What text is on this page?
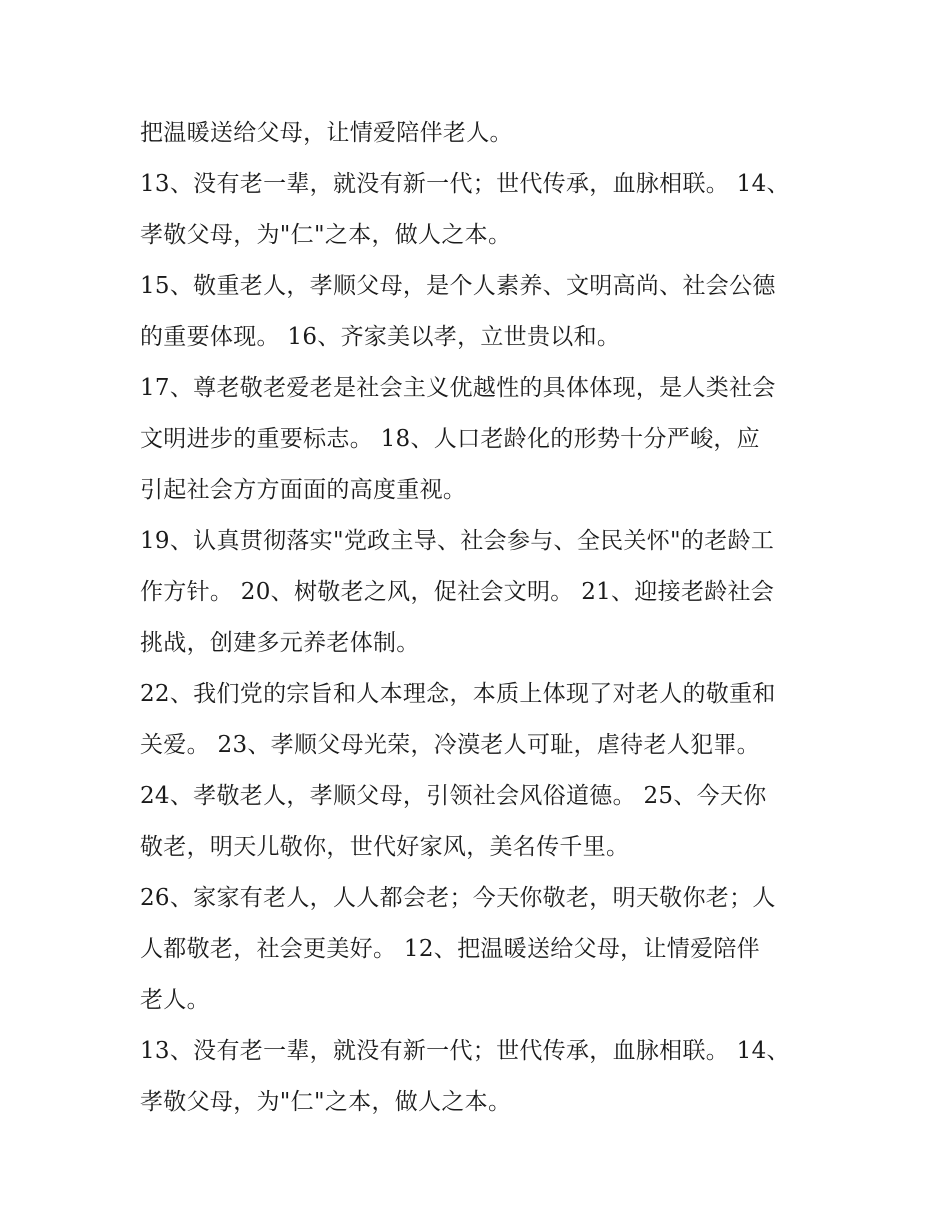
把温暖送给父母，让情爱陪伴老人。
13、没有老一辈，就没有新一代；世代传承，血脉相联。 14、
孝敬父母，为"仁"之本，做人之本。
15、敬重老人，孝顺父母，是个人素养、文明高尚、社会公德
的重要体现。 16、齐家美以孝，立世贵以和。
17、尊老敬老爱老是社会主义优越性的具体体现，是人类社会
文明进步的重要标志。 18、人口老龄化的形势十分严峻，应
引起社会方方面面的高度重视。
19、认真贯彻落实"党政主导、社会参与、全民关怀"的老龄工
作方针。 20、树敬老之风，促社会文明。 21、迎接老龄社会
挑战，创建多元养老体制。
22、我们党的宗旨和人本理念，本质上体现了对老人的敬重和
关爱。 23、孝顺父母光荣，冷漠老人可耻，虐待老人犯罪。
24、孝敬老人，孝顺父母，引领社会风俗道德。 25、今天你
敬老，明天儿敬你，世代好家风，美名传千里。
26、家家有老人，人人都会老；今天你敬老，明天敬你老；人
人都敬老，社会更美好。 12、把温暖送给父母，让情爱陪伴
老人。
13、没有老一辈，就没有新一代；世代传承，血脉相联。 14、
孝敬父母，为"仁"之本，做人之本。
